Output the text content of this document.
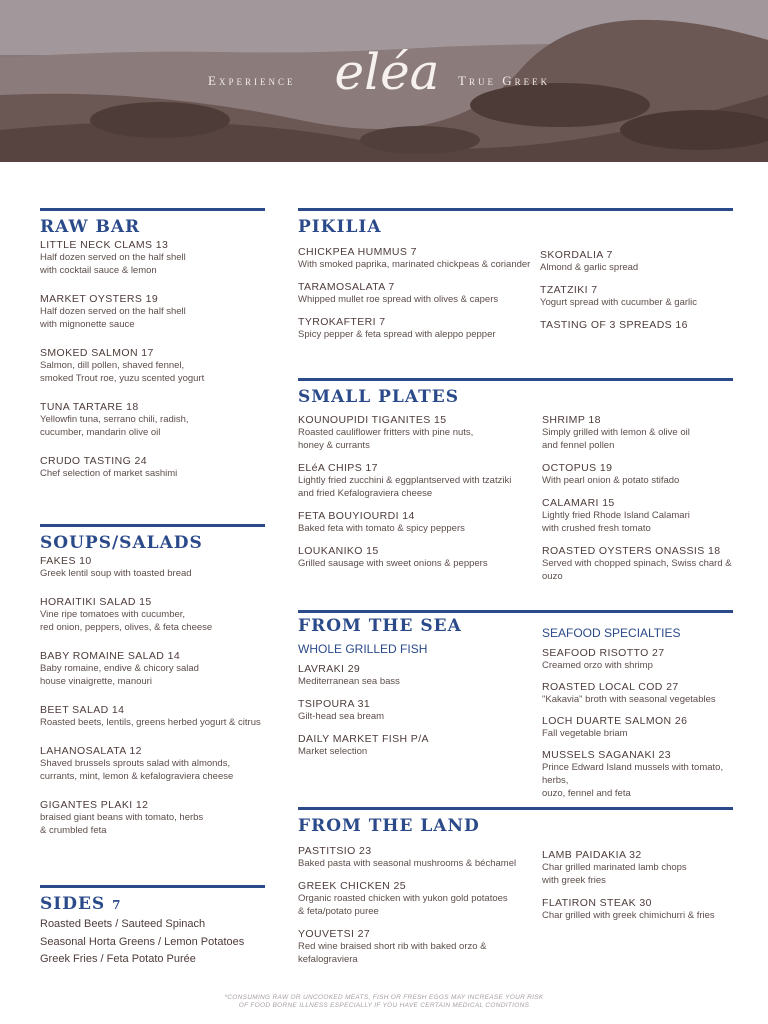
Experience eléa	True Greek
RAW BAR
LITTLE NECK CLAMS 13
Half dozen served on the half shell
with cocktail sauce & lemon
MARKET OYSTERS 19
Half dozen served on the half shell
with mignonette sauce
SMOKED SALMON 17
Salmon, dill pollen, shaved fennel,
smoked Trout roe, yuzu scented yogurt
TUNA TARTARE 18
Yellowfin tuna, serrano chili, radish,
cucumber, mandarin olive oil
CRUDO TASTING 24
Chef selection of market sashimi
SOUPS/SALADS
FAKES 10
Greek lentil soup with toasted bread
HORAITIKI SALAD 15
Vine ripe tomatoes with cucumber,
red onion, peppers, olives, & feta cheese
BABY ROMAINE SALAD 14
Baby romaine, endive & chicory salad
house vinaigrette, manouri
BEET SALAD 14
Roasted beets, lentils, greens herbed yogurt & citrus
LAHANOSALATA 12
Shaved brussels sprouts salad with almonds,
currants, mint, lemon & kefalograviera cheese
GIGANTES PLAKI 12
braised giant beans with tomato, herbs
& crumbled feta
SIDES 7
Roasted Beets / Sauteed Spinach
Seasonal Horta Greens / Lemon Potatoes
Greek Fries / Feta Potato Purée
PIKILIA
CHICKPEA HUMMUS 7
With smoked paprika, marinated chickpeas & coriander
TARAMOSALATA 7
Whipped mullet roe spread with olives & capers
TYROKAFTERI 7
Spicy pepper & feta spread with aleppo pepper
SKORDALIA 7
Almond & garlic spread
TZATZIKI 7
Yogurt spread with cucumber & garlic
TASTING OF 3 SPREADS 16
SMALL PLATES
KOUNOUPIDI TIGANITES 15
Roasted cauliflower fritters with pine nuts,
honey & currants
ELéA CHIPS 17
Lightly fried zucchini & eggplantserved with tzatziki
and fried Kefalograviera cheese
FETA BOUYIOURDI 14
Baked feta with tomato & spicy peppers
LOUKANIKO 15
Grilled sausage with sweet onions & peppers
SHRIMP 18
Simply grilled with lemon & olive oil
and fennel pollen
OCTOPUS 19
With pearl onion & potato stifado
CALAMARI 15
Lightly fried Rhode Island Calamari
with crushed fresh tomato
ROASTED OYSTERS ONASSIS 18
Served with chopped spinach, Swiss chard & ouzo
FROM THE SEA
WHOLE GRILLED FISH
LAVRAKI 29
Mediterranean sea bass
TSIPOURA 31
Gilt-head sea bream
DAILY MARKET FISH P/A
Market selection
SEAFOOD SPECIALTIES
SEAFOOD RISOTTO 27
Creamed orzo with shrimp
ROASTED LOCAL COD 27
"Kakavia" broth with seasonal vegetables
LOCH DUARTE SALMON 26
Fall vegetable briam
MUSSELS SAGANAKI 23
Prince Edward Island mussels with tomato, herbs,
ouzo, fennel and feta
FROM THE LAND
PASTITSIO 23
Baked pasta with seasonal mushrooms & béchamel
GREEK CHICKEN 25
Organic roasted chicken with yukon gold potatoes
& feta/potato puree
YOUVETSI 27
Red wine braised short rib with baked orzo & kefalograviera
LAMB PAIDAKIA 32
Char grilled marinated lamb chops
with greek fries
FLATIRON STEAK 30
Char grilled with greek chimichurri & fries
*CONSUMING RAW OR UNCOOKED MEATS, FISH OR FRESH EGGS MAY INCREASE YOUR RISK
OF FOOD BORNE ILLNESS ESPECIALLY IF YOU HAVE CERTAIN MEDICAL CONDITIONS
